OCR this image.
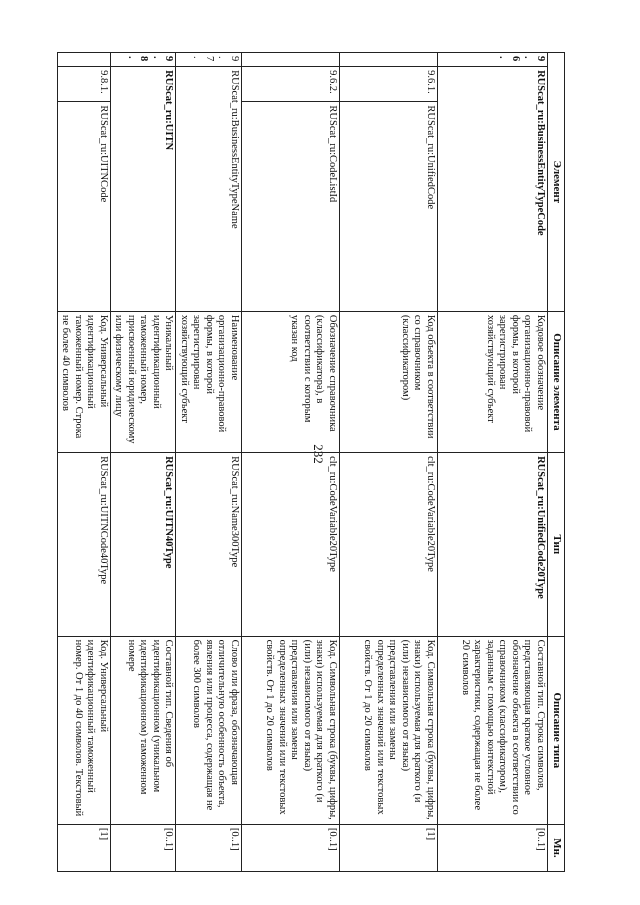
232
Элемент			Описание элемента	Тип	Описание типа	Мн.
9.6.	RUScat_ru:BusinessEntityTypeCode		Кодовое обозначение организационно-правовой формы, в которой зарегистрирован хозяйствующий субъект	RUScat_ru:UnifiedCode20Type	Составной тип. Строка символов, представляющая краткое условное обозначение объекта в соответствии со справочником (классификатором), заданным с помощью контекстной характеристики, содержащая не более 20 символов	[0..1]
	9.6.1.	RUScat_ru:UnifiedCode	Код объекта в соответствии со справочником (классификатором)	clt_ru:CodeVariable20Type	Код. Символьная строка (буквы, цифры, знаки) используемая для краткого (и (или) независимого от языка) представления или замены определенных значений или текстовых свойств. От 1 до 20 символов	[1]
	9.6.2.	RUScat_ru:CodeListId	Обозначение справочника (классификатора), в соответствии с которым указан код	clt_ru:CodeVariable20Type	Код. Символьная строка (буквы, цифры, знаки) используемая для краткого (и (или) независимого от языка) представления или замены определенных значений или текстовых свойств. От 1 до 20 символов	[0..1]
9.7.	RUScat_ru:BusinessEntityTypeName		Наименование организационно-правовой формы, в которой зарегистрирован хозяйствующий субъект	RUScat_ru:Name300Type	Слово или фраза, обозначающая отличительную особенность объекта, явления или процесса, содержащая не более 300 символов	[0..1]
9.8.	RUScat_ru:UITN		Уникальный идентификационный таможенный номер, присвоенный юридическому или физическому лицу	RUScat_ru:UITN40Type	Составной тип. Сведения об идентификационном (уникальном идентификационном) таможенном номере	[0..1]
	9.8.1.	RUScat_ru:UITNCode	Код. Универсальный идентификационный таможенный номер. Строка не более 40 символов	RUScat_ru:UITNCode40Type	Код. Универсальный идентификационный таможенный номер. От 1 до 40 символов. Текстовый	[1]
